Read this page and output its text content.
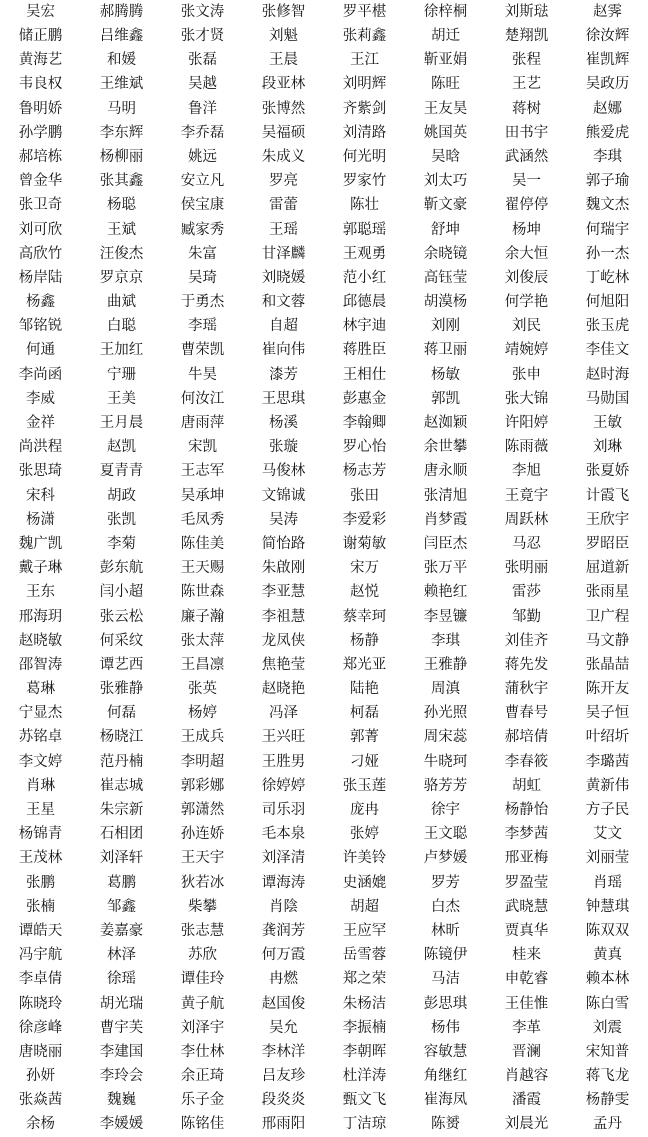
吴宏	郝腾腾	张文涛	张修智	罗平椹	徐梓桐	刘斯琺	赵霁
储正鹏	吕维鑫	张才贤	刘魁	张莉鑫	胡迁	楚翔凯	徐汝辉
黄海艺	和媛	张磊	王晨	王江	靳亚娟	张程	崔凯辉
韦良权	王维斌	吴越	段亚林	刘明辉	陈旺	王艺	吴政历
鲁明娇	马明	鲁洋	张博然	齐紫剑	王友昊	蒋树	赵娜
孙学鹏	李东辉	李乔磊	吴福硕	刘清路	姚国英	田书宇	熊爱虎
郝培栋	杨柳丽	姚远	朱成义	何光明	吴晗	武涵然	李琪
曾金华	张其鑫	安立凡	罗亮	罗家竹	刘太巧	吴一	郭子瑜
张卫奇	杨聪	侯宝康	雷蕾	陈壮	靳文豪	翟停停	魏文杰
刘可欣	王斌	臧家秀	王瑶	郭聪瑶	舒坤	杨坤	何瑞宇
高欣竹	汪俊杰	朱富	甘泽麟	王观勇	余晓镜	余大恒	孙一杰
杨岸陆	罗京京	吴琦	刘晓媛	范小红	高钰莹	刘俊辰	丁屹林
杨鑫	曲斌	于勇杰	和文蓉	邱德晨	胡漠杨	何学艳	何旭阳
邹铭锐	白聪	李瑶	自超	林宇迪	刘刚	刘民	张玉虎
何通	王加红	曹荣凯	崔向伟	蒋胜臣	蒋卫丽	靖婉婷	李佳文
李尚函	宁珊	牛昊	漆芳	王相仕	杨敏	张申	赵时海
李威	王美	何汝江	王思琪	彭惠金	郭凯	张大锦	马勋国
金祥	王月晨	唐雨萍	杨溪	李翰卿	赵洳颖	许阳婷	王敏
尚洪程	赵凯	宋凯	张璇	罗心怡	余世攀	陈雨薇	刘琳
张思琦	夏青青	王志军	马俊林	杨志芳	唐永顺	李旭	张夏娇
宋科	胡政	吴承坤	文锦诚	张田	张清旭	王竟宇	计霞飞
杨潇	张凯	毛凤秀	吴涛	李爱彩	肖梦霞	周跃林	王欣宇
魏广凯	李菊	陈佳美	简怡路	谢菊敏	闫臣杰	马忍	罗昭臣
戴子琳	彭东航	王天赐	朱啟刚	宋万	张万平	张明丽	屈道新
王东	闫小超	陈世森	李亚慧	赵悦	赖艳红	雷莎	张雨星
邢海玥	张云松	廉子瀚	李祖慧	蔡幸珂	李昱镰	邹勤	卫广程
赵晓敏	何采纹	张太萍	龙凤侠	杨静	李琪	刘佳齐	马文静
邵智涛	谭艺西	王昌凛	焦艳莹	郑光亚	王雅静	蒋先发	张晶喆
葛琳	张雅静	张英	赵晓艳	陆艳	周滇	蒲秋宇	陈开友
宁显杰	何磊	杨婷	冯泽	柯磊	孙光照	曹春号	吴子恒
苏铭卓	杨晓江	王成兵	王兴旺	郭菁	周宋蕊	郝培倩	叶绍圻
李文婷	范丹楠	李明超	王胜男	刁娅	牛晓珂	李春筱	李璐茜
肖琳	崔志城	郭彩娜	徐婷婷	张玉莲	骆芳芳	胡虹	黄新伟
王星	朱宗新	郭潇然	司乐羽	庞冉	徐宇	杨静怡	方子民
杨锦青	石相团	孙连娇	毛本泉	张婷	王文聪	李梦茜	艾文
王茂林	刘泽轩	王天宇	刘泽清	许美铃	卢梦媛	邢亚梅	刘丽莹
张鹏	葛鹏	狄若冰	谭海涛	史涵媲	罗芳	罗盈莹	肖瑶
张楠	邹鑫	柴攀	肖陰	胡超	白杰	武晓慧	钟慧琪
谭皓天	姜嘉豪	张志慧	龚润芳	王应罕	林昕	贾真华	陈双双
冯宇航	林泽	苏欣	何万霞	岳雪蓉	陈镜伊	桂来	黄真
李卓倩	徐瑶	谭佳玲	冉燃	郑之荣	马洁	申乾睿	赖本林
陈晓玲	胡光瑞	黄子航	赵国俊	朱杨洁	彭思琪	王佳惟	陈白雪
徐彦峰	曹宇芙	刘泽宇	吴允	李振楠	杨伟	李革	刘震
唐晓丽	李建国	李仕林	李林洋	李朝晖	容敏慧	晋澜	宋知普
孙妍	李玲会	余正琦	吕友珍	杜洋涛	角继红	肖越容	蒋飞龙
张焱茜	魏巍	乐子金	段炎炎	甄文飞	崔海凤	潘霞	杨静雯
余杨	李媛媛	陈铭佳	邢雨阳	丁洁琼	陈赟	刘晨光	孟丹
